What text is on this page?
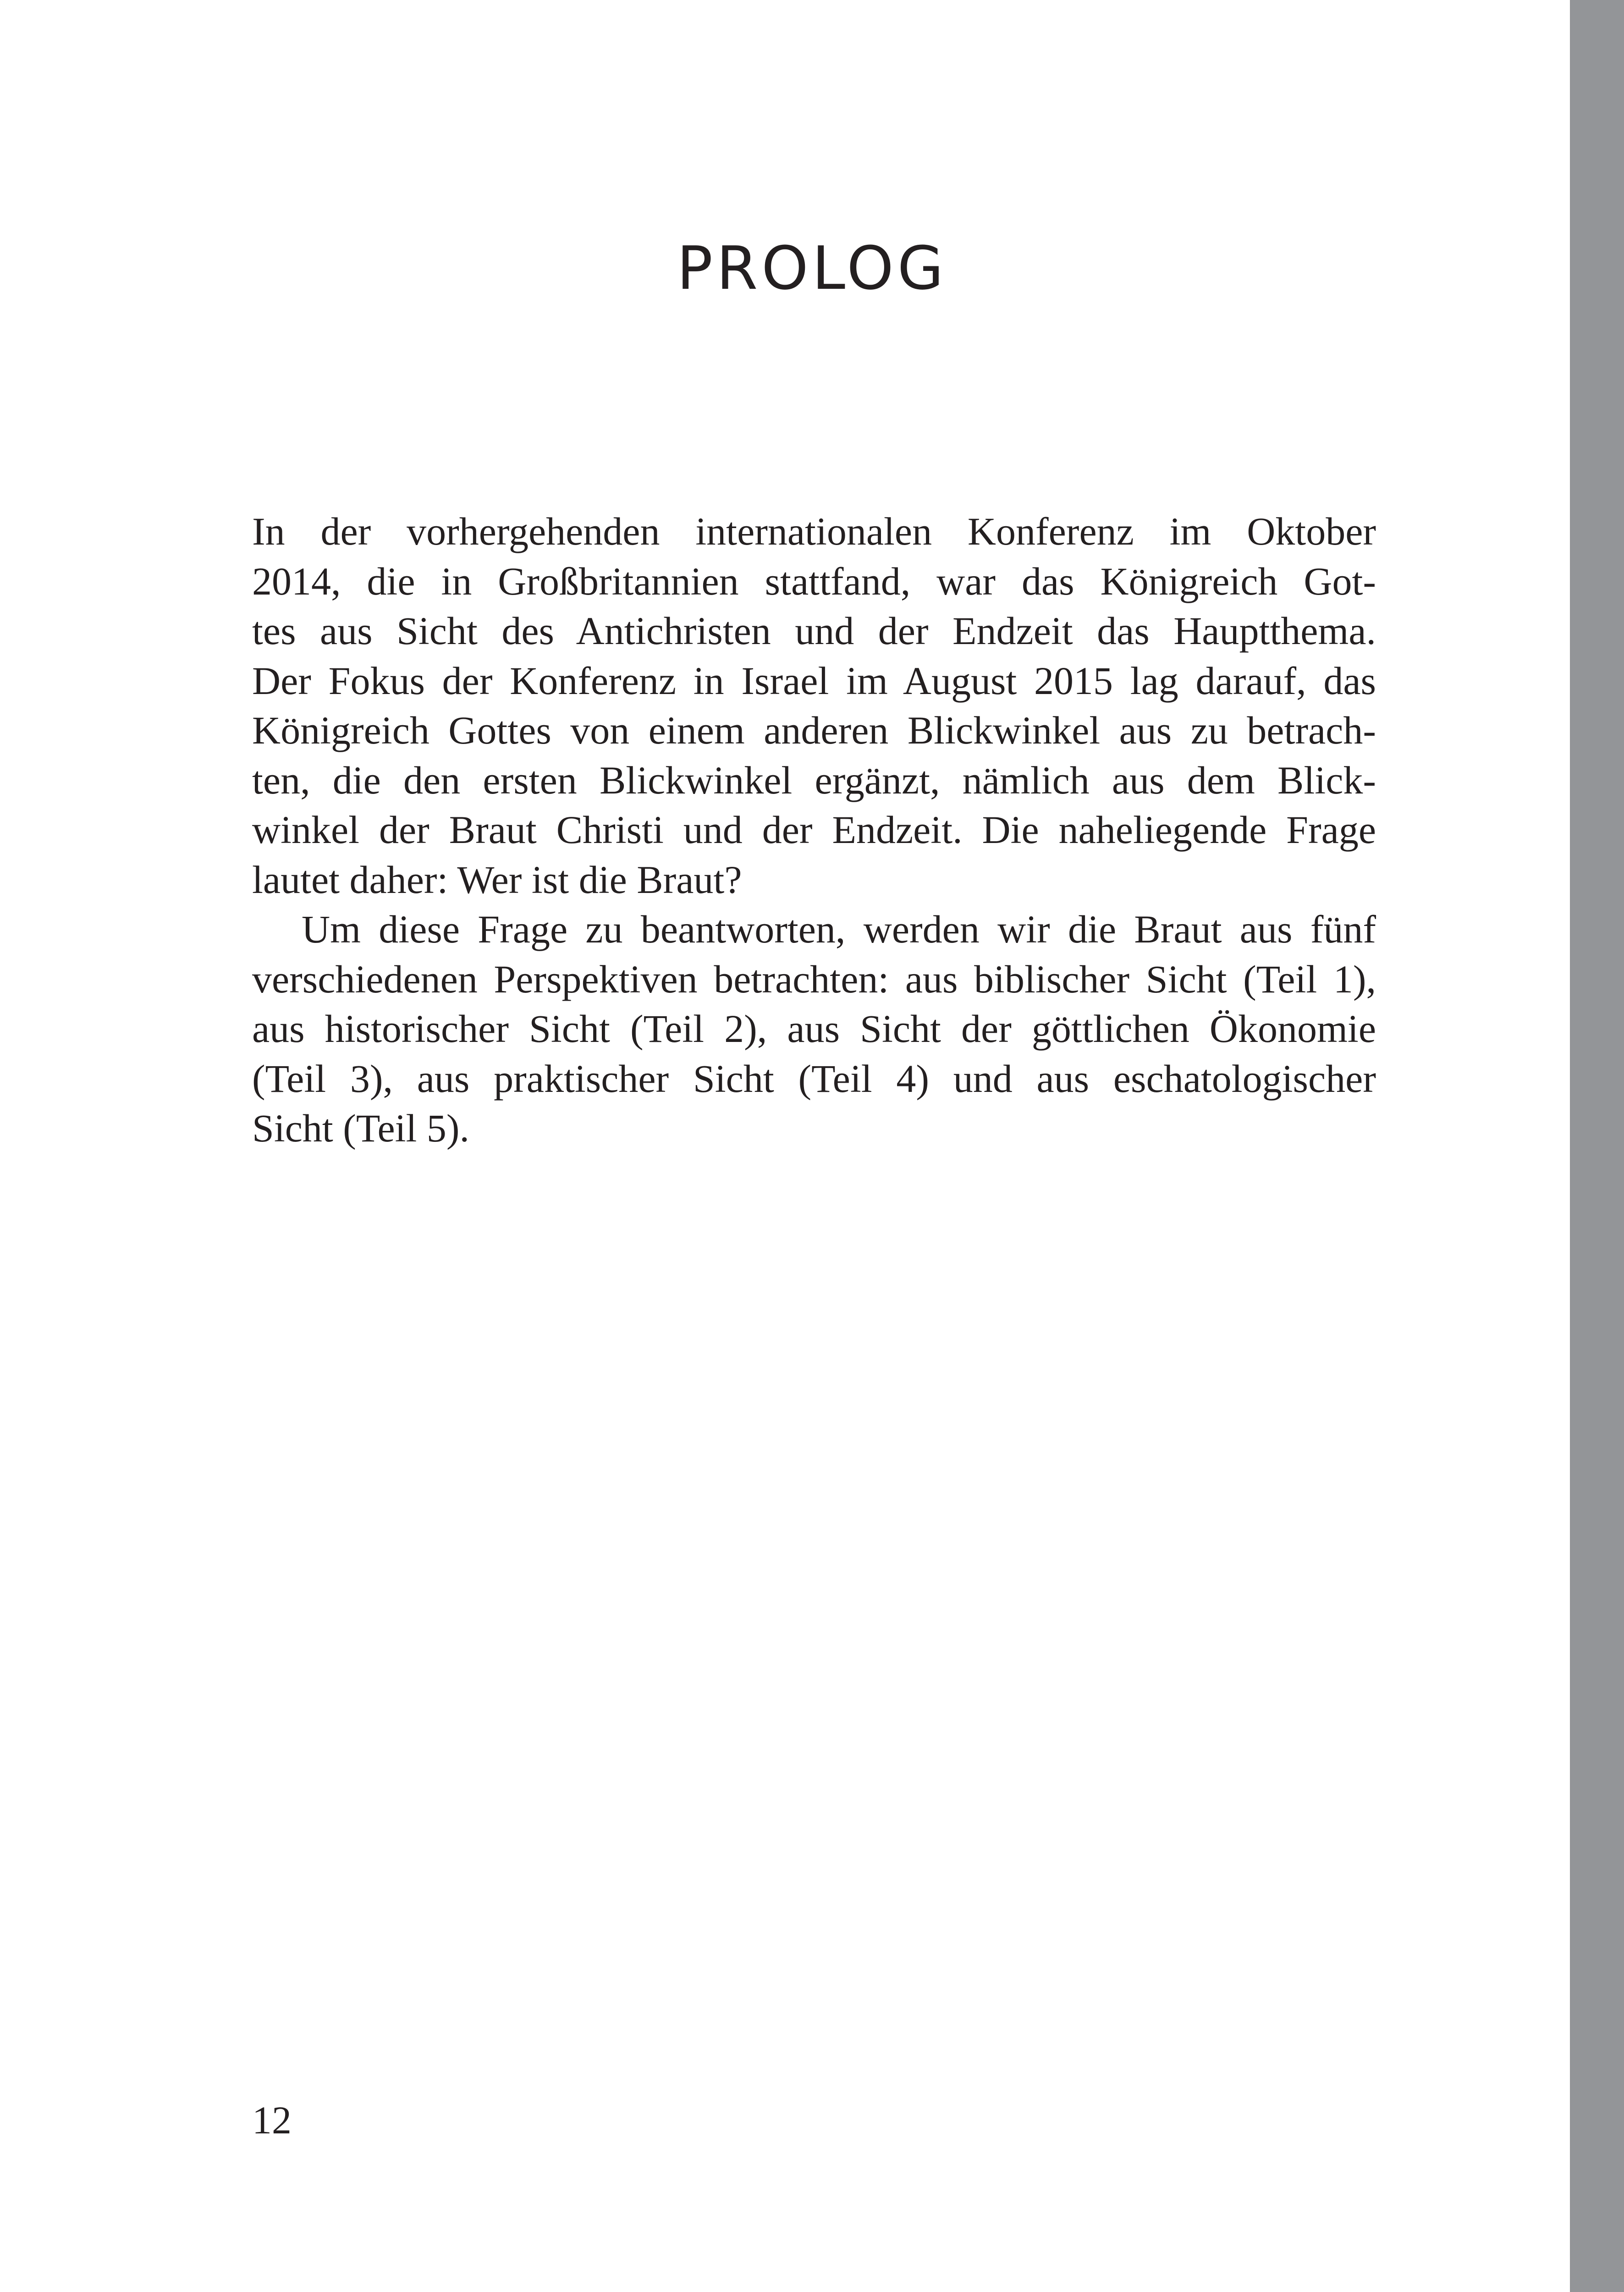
PROLOG

In der vorhergehenden internationalen Konferenz im Oktober
2014, die in Großbritannien stattfand, war das Königreich Got-
tes aus Sicht des Antichristen und der Endzeit das Hauptthema.
Der Fokus der Konferenz in Israel im August 2015 lag darauf, das
Königreich Gottes von einem anderen Blickwinkel aus zu betrach-
ten, die den ersten Blickwinkel ergänzt, nämlich aus dem Blick-
winkel der Braut Christi und der Endzeit. Die naheliegende Frage
lautet daher: Wer ist die Braut?

Um diese Frage zu beantworten, werden wir die Braut aus fünf
verschiedenen Perspektiven betrachten: aus biblischer Sicht (Teil 1),
aus historischer Sicht (Teil 2), aus Sicht der göttlichen Ökonomie
(Teil 3), aus praktischer Sicht (Teil 4) und aus eschatologischer
Sicht (Teil 5).

12
